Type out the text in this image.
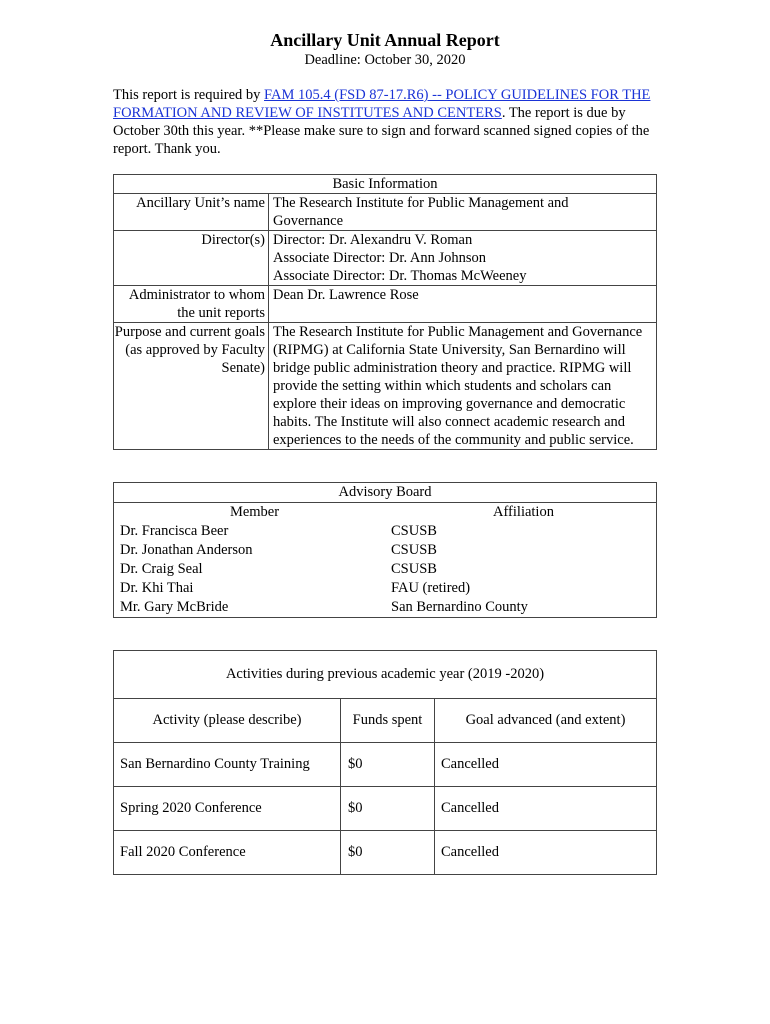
Ancillary Unit Annual Report
Deadline: October 30, 2020
This report is required by FAM 105.4 (FSD 87-17.R6) -- POLICY GUIDELINES FOR THE FORMATION AND REVIEW OF INSTITUTES AND CENTERS. The report is due by October 30th this year. **Please make sure to sign and forward scanned signed copies of the report. Thank you.
Basic Information	
Ancillary Unit’s name	The Research Institute for Public Management and
Governance

Director(s)	Director: Dr. Alexandru V. Roman
Associate Director: Dr. Ann Johnson
Associate Director: Dr. Thomas McWeeney

Administrator to whom the unit reports	Dean Dr. Lawrence Rose
Purpose and current goals (as approved by Faculty Senate)	The Research Institute for Public Management and Governance (RIPMG) at California State University, San Bernardino will bridge public administration theory and practice. RIPMG will provide the setting within which students and scholars can explore their ideas on improving governance and democratic habits. The Institute will also connect academic research and experiences to the needs of the community and public service.
Advisory Board	
Member	Affiliation
Dr. Francisca Beer	CSUSB
Dr. Jonathan Anderson	CSUSB
Dr. Craig Seal	CSUSB
Dr. Khi Thai	FAU (retired)
Mr. Gary McBride	San Bernardino County
Activities during previous academic year (2019 -2020)		
Activity (please describe)	Funds spent	Goal advanced (and extent)
San Bernardino County Training	$0	Cancelled
Spring 2020 Conference	$0	Cancelled
Fall 2020 Conference	$0	Cancelled
